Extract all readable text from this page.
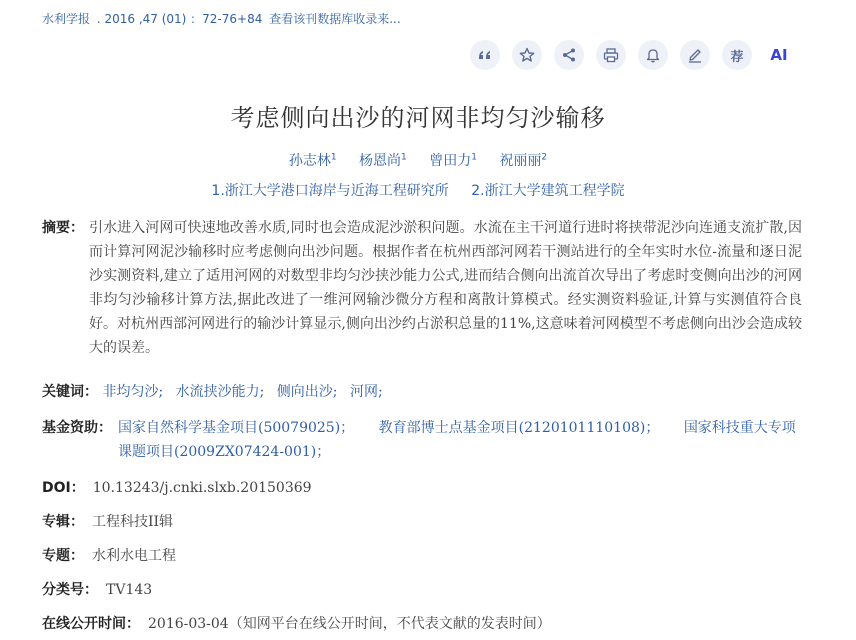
水利学报 . 2016 ,47 (01) ：72-76+84 查看该刊数据库收录来...
荐 AI
考虑侧向出沙的河网非均匀沙输移
孙志林$^1$ 杨恩尚$^1$ 曾田力$^1$ 祝丽丽$^2$
1.浙江大学港口海岸与近海工程研究所 2.浙江大学建筑工程学院
摘要： 引水进入河网可快速地改善水质,同时也会造成泥沙淤积问题。水流在主干河道行进时将挟带泥沙向连通支流扩散,因而计算河网泥沙输移时应考虑侧向出沙问题。根据作者在杭州西部河网若干测站进行的全年实时水位-流量和逐日泥沙实测资料,建立了适用河网的对数型非均匀沙挟沙能力公式,进而结合侧向出流首次导出了考虑时变侧向出沙的河网非均匀沙输移计算方法,据此改进了一维河网输沙微分方程和离散计算模式。经实测资料验证,计算与实测值符合良好。对杭州西部河网进行的输沙计算显示,侧向出沙约占淤积总量的11%,这意味着河网模型不考虑侧向出沙会造成较大的误差。
关键词： 非均匀沙; 水流挟沙能力; 侧向出沙; 河网;
基金资助： 国家自然科学基金项目(50079025)； 教育部博士点基金项目(2120101110108)； 国家科技重大专项课题项目(2009ZX07424-001)；
DOI： 10.13243/j.cnki.slxb.20150369
专辑： 工程科技II辑
专题： 水利水电工程
分类号： TV143
在线公开时间： 2016-03-04（知网平台在线公开时间，不代表文献的发表时间）
